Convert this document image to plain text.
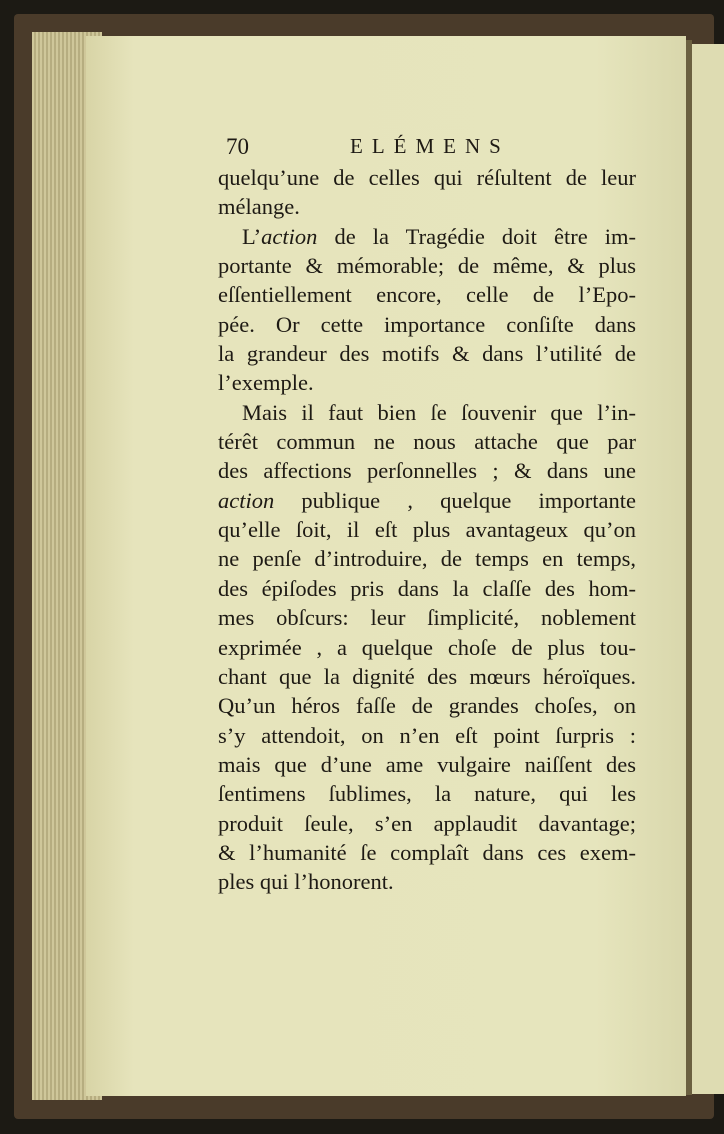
70	ELÉMENS
quelqu’une de celles qui réſultent de leur
mélange.
L’action de la Tragédie doit être im-
portante & mémorable; de même, & plus
eſſentiellement encore, celle de l’Epo-
pée. Or cette importance conſiſte dans
la grandeur des motifs & dans l’utilité de
l’exemple.
Mais il faut bien ſe ſouvenir que l’in-
térêt commun ne nous attache que par
des affections perſonnelles ; & dans une
action publique , quelque importante
qu’elle ſoit, il eſt plus avantageux qu’on
ne penſe d’introduire, de temps en temps,
des épiſodes pris dans la claſſe des hom-
mes obſcurs: leur ſimplicité, noblement
exprimée , a quelque choſe de plus tou-
chant que la dignité des mœurs héroïques.
Qu’un héros faſſe de grandes choſes, on
s’y attendoit, on n’en eſt point ſurpris :
mais que d’une ame vulgaire naiſſent des
ſentimens ſublimes, la nature, qui les
produit ſeule, s’en applaudit davantage;
& l’humanité ſe complaît dans ces exem-
ples qui l’honorent.
